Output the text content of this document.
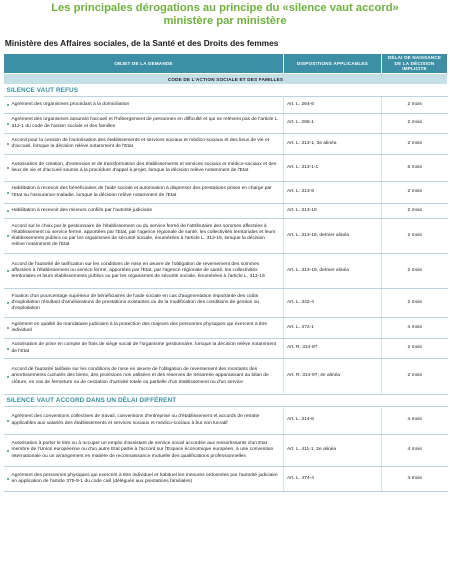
Les principales dérogations au principe du «silence vaut accord»
ministère par ministère
Ministère des Affaires sociales, de la Santé et des Droits des femmes
OBJET DE LA DEMANDE	DISPOSITIONS APPLICABLES	DÉLAI DE NAISSANCE DE LA DÉCISION IMPLICITE
CODE DE L'ACTION SOCIALE ET DES FAMILLES		
SILENCE VAUT REFUS		

Agrément des organismes procédant à la domiciliation	Art. L. 264-6	2 mois

Agrément des organismes assurant l'accueil et l'hébergement de personnes en difficulté et qui ne relèvent pas de l'article L. 312-1 du code de l'action sociale et des familles	Art. L. 265-1	2 mois

Accord pour la cession de l'autorisation des établissements et services sociaux et médico-sociaux et des lieux de vie et d'accueil, lorsque la décision relève notamment de l'Etat	Art. L. 313-1, 3e alinéa	2 mois

Autorisation de création, d'extension et de transformation des établissements et services sociaux et médico-sociaux et des lieux de vie et d'accueil soumis à la procédure d'appel à projet, lorsque la décision relève notamment de l'Etat	Art. L. 313-1-1	6 mois

Habilitation à recevoir des bénéficiaires de l'aide sociale et autorisation à dispenser des prestations prises en charge par l'Etat ou l'assurance-maladie, lorsque la décision relève notamment de l'Etat	Art. L. 313-8	2 mois

Habilitation à recevoir des mineurs confiés par l'autorité judiciaire	Art. L. 313-10	2 mois

Accord sur le choix par le gestionnaire de l'établissement ou du service fermé de l'attributaire des sommes affectées à l'établissement ou service fermé, apportées par l'Etat, par l'agence régionale de santé, les collectivités territoriales et leurs établissements publics ou par les organismes de sécurité sociale, énumérées à l'article L. 313-19, lorsque la décision relève notamment de l'Etat	Art. L. 313-19, dernier alinéa	2 mois

Accord de l'autorité de tarification sur les conditions de mise en œuvre de l'obligation de reversement des sommes affectées à l'établissement ou service fermé, apportées par l'Etat, par l'agence régionale de santé, les collectivités territoriales et leurs établissements publics ou par les organismes de sécurité sociale, énumérées à l'article L. 313-19	Art. L. 313-19, dernier alinéa	2 mois

Fixation d'un pourcentage supérieur de bénéficiaires de l'aide sociale en cas d'augmentation importante des coûts d'exploitation résultant d'améliorations de prestations existantes ou de la modification des conditions de gestion ou d'exploitation	Art. L. 342-4	2 mois

Agrément en qualité de mandataire judiciaire à la protection des majeurs des personnes physiques qui exercent à titre individuel	Art. L. 472-1	4 mois

Autorisation de prise en compte de frais de siège social de l'organisme gestionnaire, lorsque la décision relève notamment de l'Etat	Art. R. 314-87	2 mois

Accord de l'autorité tarifaire sur les conditions de mise en œuvre de l'obligation de reversement des montants des amortissements cumulés des biens, des provisions non utilisées et des réserves de trésorerie apparaissant au bilan de clôture, en cas de fermeture ou de cessation d'activité totale ou partielle d'un établissement ou d'un service	Art. R. 314-97, 4e alinéa	2 mois
SILENCE VAUT ACCORD DANS UN DÉLAI DIFFÉRENT		

Agrément des conventions collectives de travail, conventions d'entreprise ou d'établissement et accords de retraite applicables aux salariés des établissements et services sociaux et médico-sociaux à but non lucratif	Art. L. 314-6	4 mois

Autorisation à porter le titre ou à occuper un emploi d'assistant de service social accordée aux ressortissants d'un Etat membre de l'Union européenne ou d'un autre Etat partie à l'accord sur l'Espace économique européen, à une convention internationale ou un arrangement en matière de reconnaissance mutuelle des qualifications professionnelles	Art. L. 411-1, 2e alinéa	4 mois

Agrément des personnes physiques qui exercent à titre individuel et habituel les mesures ordonnées par l'autorité judiciaire en application de l'article 375-9-1 du code civil (délégués aux prestations familiales)	Art. L. 474-4	4 mois
